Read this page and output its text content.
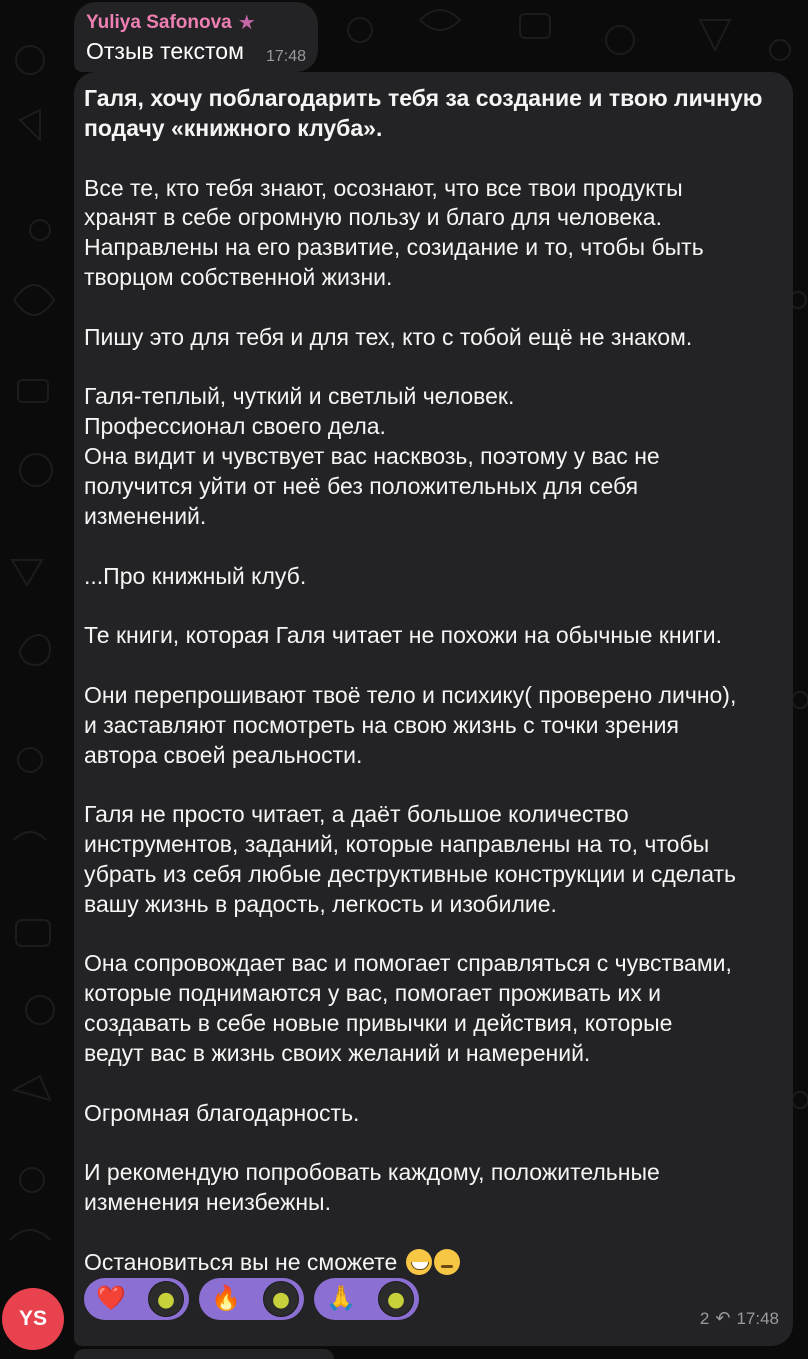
Yuliya Safonova ★
Отзыв текстом 17:48

Галя, хочу поблагодарить тебя за создание и твою личную

подачу «книжного клуба».

Все те, кто тебя знают, осознают, что все твои продукты

хранят в себе огромную пользу и благо для человека.

Направлены на его развитие, созидание и то, чтобы быть

творцом собственной жизни.

Пишу это для тебя и для тех, кто с тобой ещё не знаком.

Галя-теплый, чуткий и светлый человек.

Профессионал своего дела.

Она видит и чувствует вас насквозь, поэтому у вас не

получится уйти от неё без положительных для себя

изменений.

...Про книжный клуб.

Те книги, которая Галя читает не похожи на обычные книги.

Они перепрошивают твоё тело и психику( проверено лично),

и заставляют посмотреть на свою жизнь с точки зрения

автора своей реальности.

Галя не просто читает, а даёт большое количество

инструментов, заданий, которые направлены на то, чтобы

убрать из себя любые деструктивные конструкции и сделать

вашу жизнь в радость, легкость и изобилие.

Она сопровождает вас и помогает справляться с чувствами,

которые поднимаются у вас, помогает проживать их и

создавать в себе новые привычки и действия, которые

ведут вас в жизнь своих желаний и намерений.

Огромная благодарность.

И рекомендую попробовать каждому, положительные

изменения неизбежны.

Остановиться вы не сможете

❤️	🔥	🙏
2 ↶ 17:48
YS
